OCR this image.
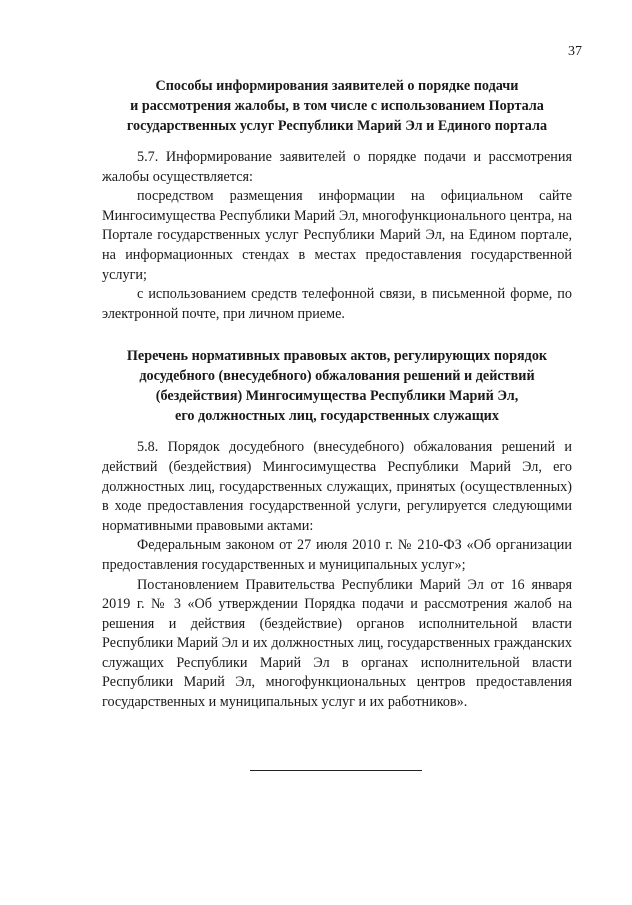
37
Способы информирования заявителей о порядке подачи
и рассмотрения жалобы, в том числе с использованием Портала
государственных услуг Республики Марий Эл и Единого портала

5.7. Информирование заявителей о порядке подачи и рассмотрения жалобы осуществляется:

посредством размещения информации на официальном сайте Мингосимущества Республики Марий Эл, многофункционального центра, на Портале государственных услуг Республики Марий Эл, на Едином портале, на информационных стендах в местах предоставления государственной услуги;

с использованием средств телефонной связи, в письменной форме, по электронной почте, при личном приеме.

Перечень нормативных правовых актов, регулирующих порядок
досудебного (внесудебного) обжалования решений и действий
(бездействия) Мингосимущества Республики Марий Эл,
его должностных лиц, государственных служащих

5.8. Порядок досудебного (внесудебного) обжалования решений и действий (бездействия) Мингосимущества Республики Марий Эл, его должностных лиц, государственных служащих, принятых (осуществленных) в ходе предоставления государственной услуги, регулируется следующими нормативными правовыми актами:

Федеральным законом от 27 июля 2010 г. № 210-ФЗ «Об организации предоставления государственных и муниципальных услуг»;

Постановлением Правительства Республики Марий Эл от 16 января 2019 г. № 3 «Об утверждении Порядка подачи и рассмотрения жалоб на решения и действия (бездействие) органов исполнительной власти Республики Марий Эл и их должностных лиц, государственных гражданских служащих Республики Марий Эл в органах исполнительной власти Республики Марий Эл, многофункциональных центров предоставления государственных и муниципальных услуг и их работников».
